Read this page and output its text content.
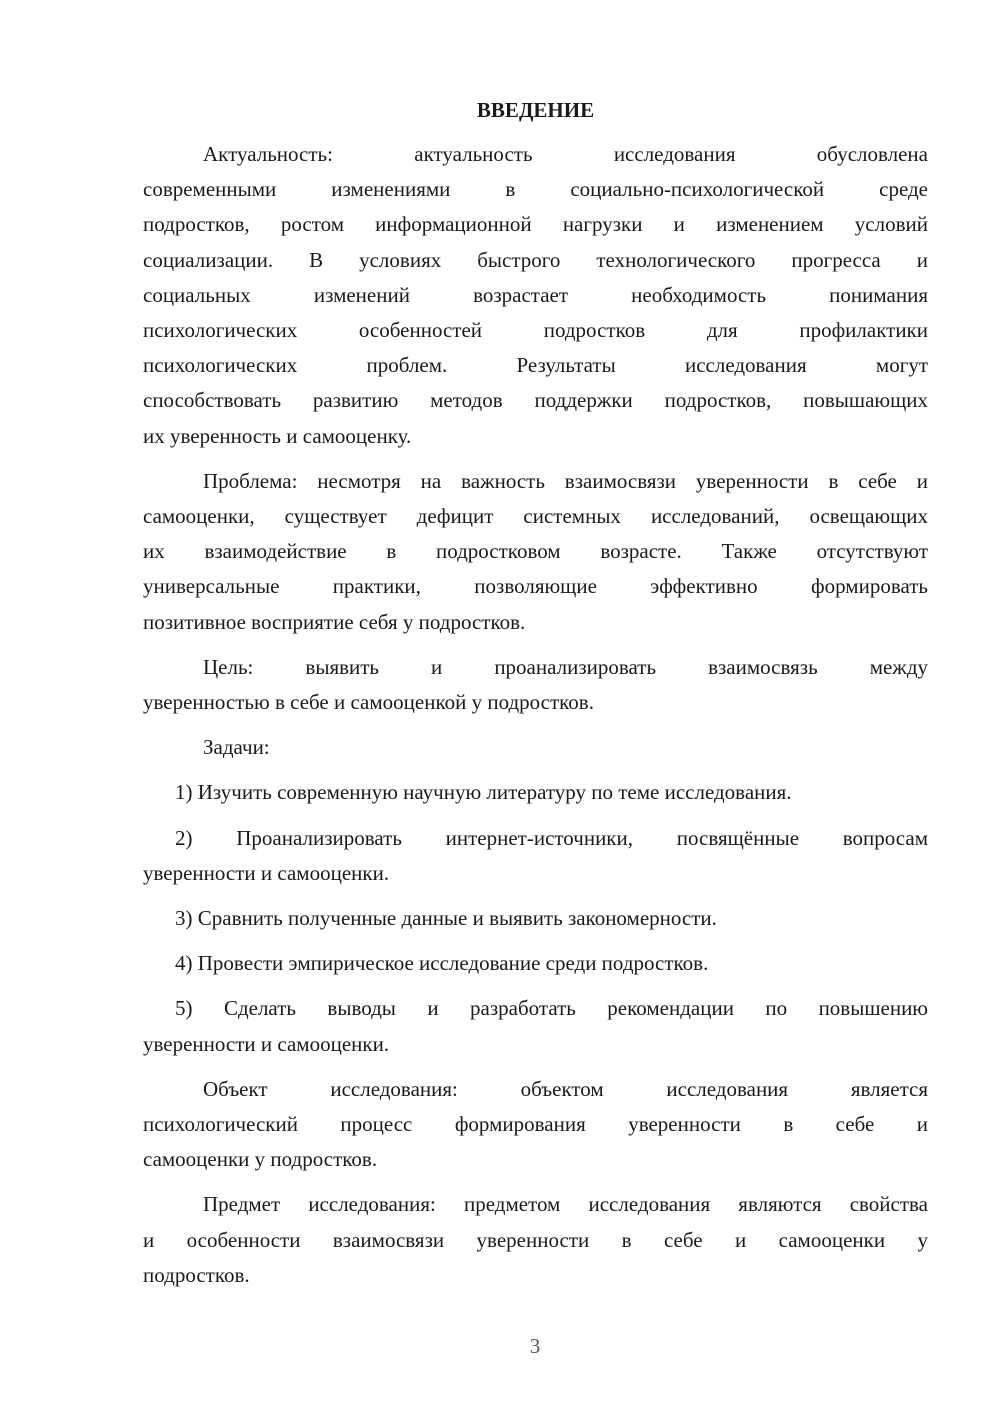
ВВЕДЕНИЕ
Актуальность: актуальность исследования обусловлена
современными изменениями в социально-психологической среде
подростков, ростом информационной нагрузки и изменением условий
социализации. В условиях быстрого технологического прогресса и
социальных изменений возрастает необходимость понимания
психологических особенностей подростков для профилактики
психологических проблем. Результаты исследования могут
способствовать развитию методов поддержки подростков, повышающих
их уверенность и самооценку.
Проблема: несмотря на важность взаимосвязи уверенности в себе и
самооценки, существует дефицит системных исследований, освещающих
их взаимодействие в подростковом возрасте. Также отсутствуют
универсальные практики, позволяющие эффективно формировать
позитивное восприятие себя у подростков.
Цель: выявить и проанализировать взаимосвязь между
уверенностью в себе и самооценкой у подростков.
Задачи:
1) Изучить современную научную литературу по теме исследования.
2) Проанализировать интернет-источники, посвящённые вопросам
уверенности и самооценки.
3) Сравнить полученные данные и выявить закономерности.
4) Провести эмпирическое исследование среди подростков.
5) Сделать выводы и разработать рекомендации по повышению
уверенности и самооценки.
Объект исследования: объектом исследования является
психологический процесс формирования уверенности в себе и
самооценки у подростков.
Предмет исследования: предметом исследования являются свойства
и особенности взаимосвязи уверенности в себе и самооценки у
подростков.
3
